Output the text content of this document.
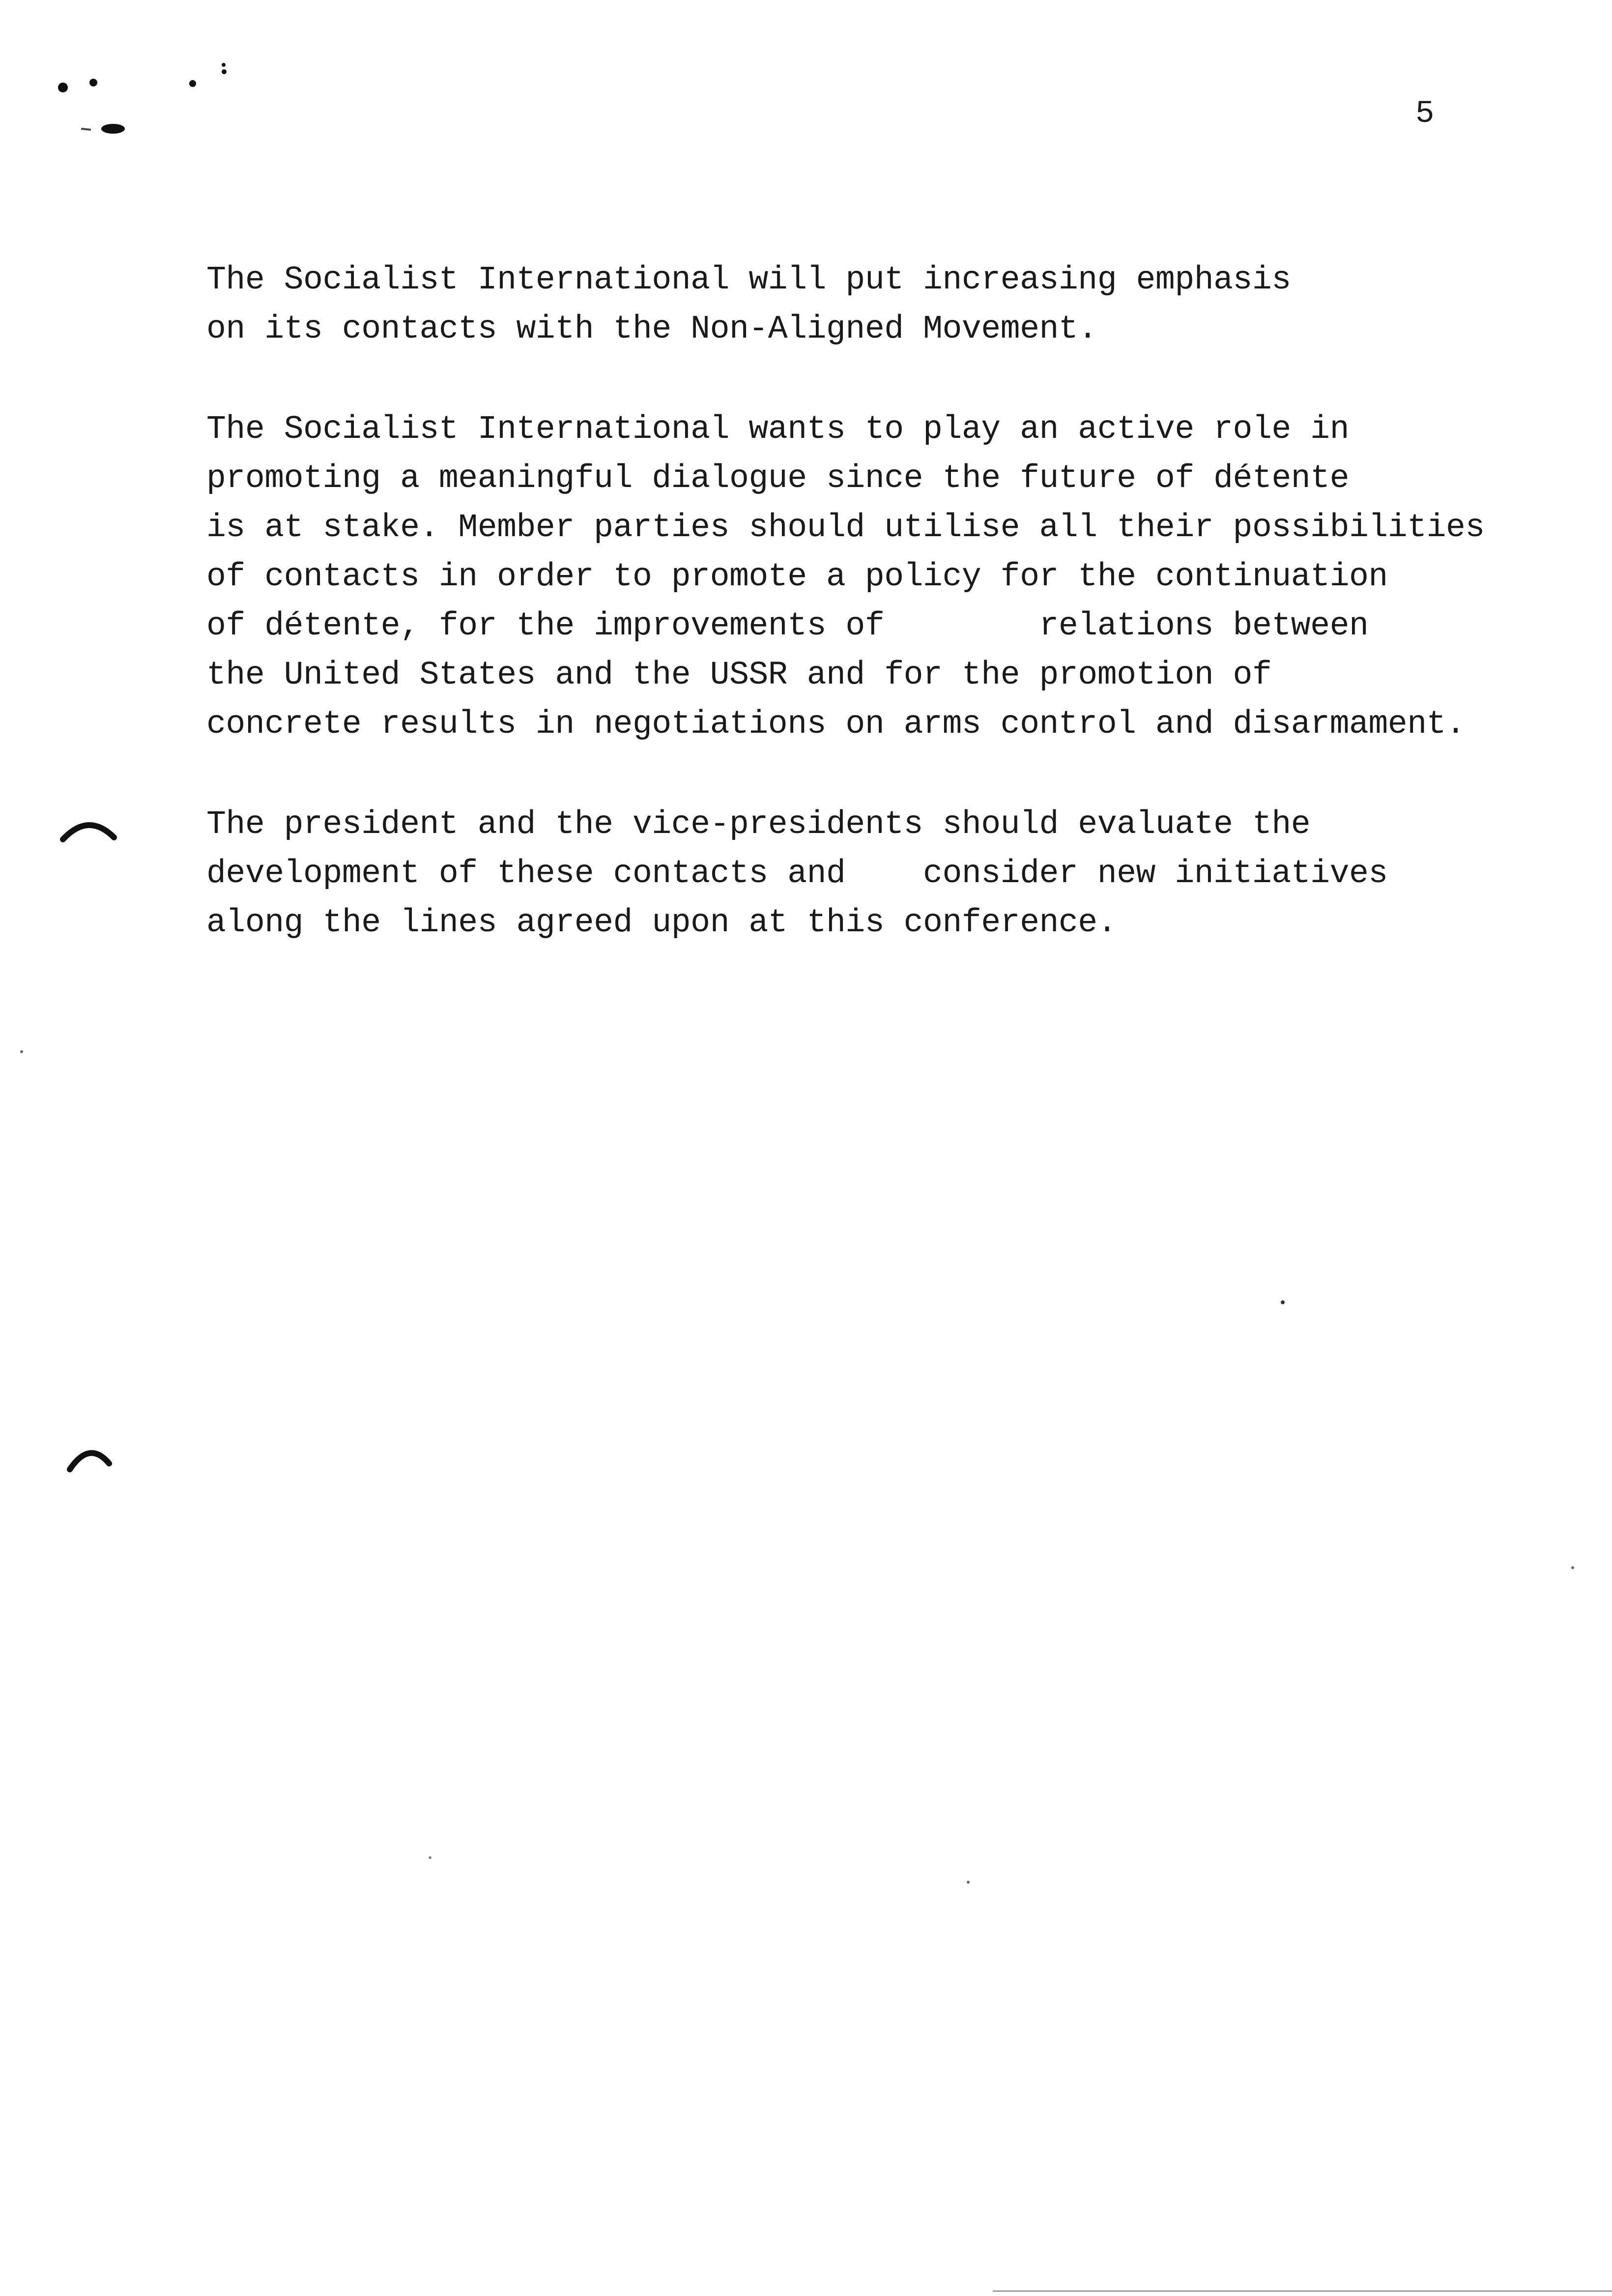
5
The Socialist International will put increasing emphasis
on its contacts with the Non-Aligned Movement.
The Socialist International wants to play an active role in
promoting a meaningful dialogue since the future of détente
is at stake. Member parties should utilise all their possibilities
of contacts in order to promote a policy for the continuation
of détente, for the improvements of        relations between
the United States and the USSR and for the promotion of
concrete results in negotiations on arms control and disarmament.
The president and the vice-presidents should evaluate the
development of these contacts and    consider new initiatives
along the lines agreed upon at this conference.
